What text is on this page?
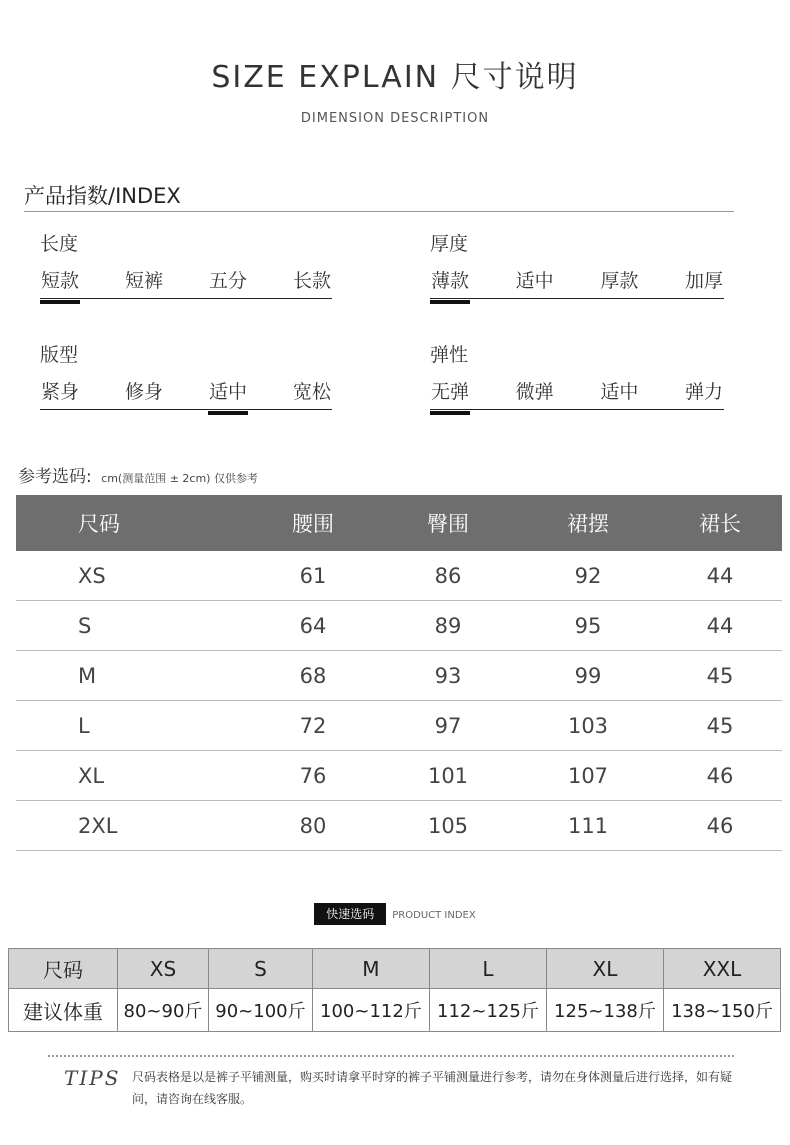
SIZE EXPLAIN 尺寸说明
DIMENSION DESCRIPTION
产品指数/INDEX
长度
短款 短裤 五分 长款
厚度
薄款 适中 厚款 加厚
版型
紧身 修身 适中 宽松
弹性
无弹 微弹 适中 弹力
参考选码: cm(测量范围 ± 2cm) 仅供参考
尺码	腰围	臀围	裙摆	裙长
XS	61	86	92	44
S	64	89	95	44
M	68	93	99	45
L	72	97	103	45
XL	76	101	107	46
2XL	80	105	111	46
快速选码 PRODUCT INDEX
尺码	XS	S	M	L	XL	XXL
建议体重	80~90斤	90~100斤	100~112斤	112~125斤	125~138斤	138~150斤
TIPS 尺码表格是以是裤子平铺测量，购买时请拿平时穿的裤子平铺测量进行参考，请勿在身体测量后进行选择，如有疑问，请咨询在线客服。
